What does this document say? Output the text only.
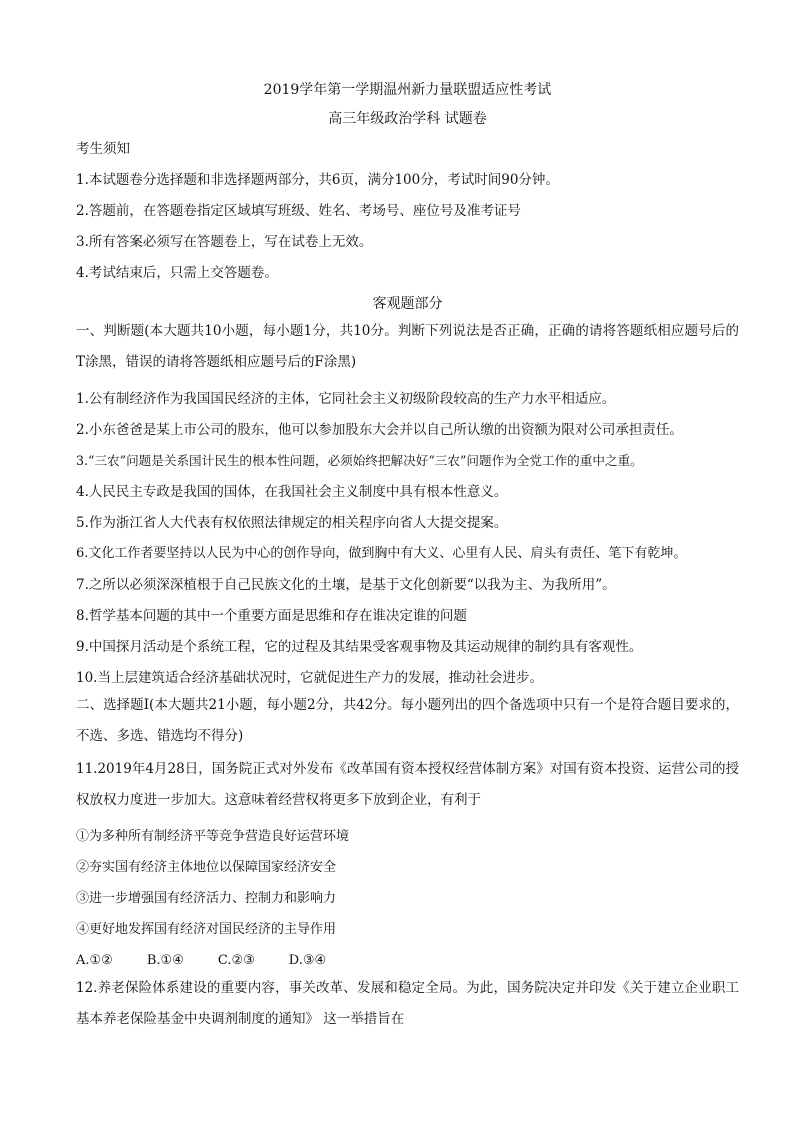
2019学年第一学期温州新力量联盟适应性考试
高三年级政治学科 试题卷
考生须知
1.本试题卷分选择题和非选择题两部分，共6页，满分100分，考试时间90分钟。
2.答题前，在答题卷指定区域填写班级、姓名、考场号、座位号及准考证号
3.所有答案必须写在答题卷上，写在试卷上无效。
4.考试结束后，只需上交答题卷。
客观题部分
一、判断题(本大题共10小题，每小题1分，共10分。判断下列说法是否正确，正确的请将答题纸相应题号后的T涂黑，错误的请将答题纸相应题号后的F涂黑)
1.公有制经济作为我国国民经济的主体，它同社会主义初级阶段较高的生产力水平相适应。
2.小东爸爸是某上市公司的股东，他可以参加股东大会并以自己所认缴的出资额为限对公司承担责任。
3.“三农”问题是关系国计民生的根本性问题，必须始终把解决好“三农”问题作为全党工作的重中之重。
4.人民民主专政是我国的国体，在我国社会主义制度中具有根本性意义。
5.作为浙江省人大代表有权依照法律规定的相关程序向省人大提交提案。
6.文化工作者要坚持以人民为中心的创作导向，做到胸中有大义、心里有人民、肩头有责任、笔下有乾坤。
7.之所以必须深深植根于自己民族文化的土壤，是基于文化创新要“以我为主、为我所用”。
8.哲学基本问题的其中一个重要方面是思维和存在谁决定谁的问题
9.中国探月活动是个系统工程，它的过程及其结果受客观事物及其运动规律的制约具有客观性。
10.当上层建筑适合经济基础状况时，它就促进生产力的发展，推动社会进步。
二、选择题I(本大题共21小题，每小题2分，共42分。每小题列出的四个备选项中只有一个是符合题目要求的，不选、多选、错选均不得分)
11.2019年4月28日，国务院正式对外发布《改革国有资本授权经营体制方案》对国有资本投资、运营公司的授权放权力度进一步加大。这意味着经营权将更多下放到企业，有利于
①为多种所有制经济平等竞争营造良好运营环境
②夯实国有经济主体地位以保障国家经济安全
③进一步增强国有经济活力、控制力和影响力
④更好地发挥国有经济对国民经济的主导作用
A.①②	B.①④	C.②③	D.③④
12.养老保险体系建设的重要内容，事关改革、发展和稳定全局。为此，国务院决定并印发《关于建立企业职工基本养老保险基金中央调剂制度的通知》 这一举措旨在
